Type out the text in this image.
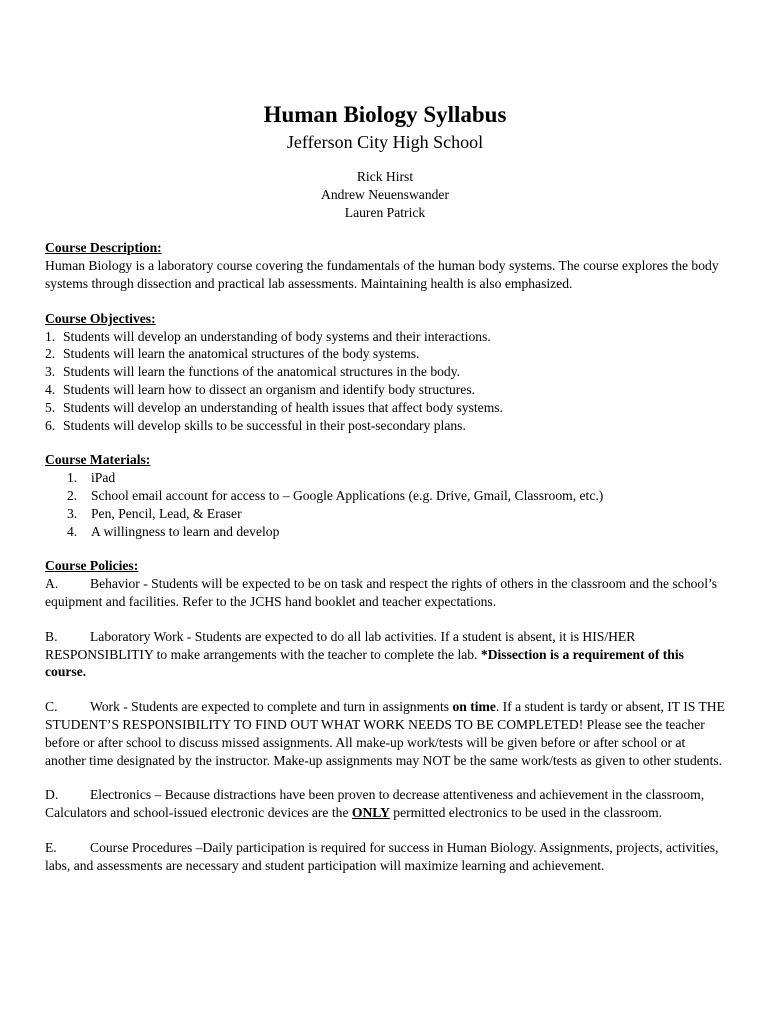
Human Biology Syllabus

Jefferson City High School

Rick Hirst

Andrew Neuenswander

Lauren Patrick

Course Description:

Human Biology is a laboratory course covering the fundamentals of the human body systems. The course explores the body systems through dissection and practical lab assessments. Maintaining health is also emphasized.

Course Objectives:

1. Students will develop an understanding of body systems and their interactions.
2. Students will learn the anatomical structures of the body systems.
3. Students will learn the functions of the anatomical structures in the body.
4. Students will learn how to dissect an organism and identify body structures.
5. Students will develop an understanding of health issues that affect body systems.
6. Students will develop skills to be successful in their post-secondary plans.

Course Materials:

1. iPad
2. School email account for access to – Google Applications (e.g. Drive, Gmail, Classroom, etc.)
3. Pen, Pencil, Lead, & Eraser
4. A willingness to learn and develop

Course Policies:

A. Behavior - Students will be expected to be on task and respect the rights of others in the classroom and the school’s equipment and facilities. Refer to the JCHS hand booklet and teacher expectations.

B. Laboratory Work - Students are expected to do all lab activities. If a student is absent, it is HIS/HER RESPONSIBLITIY to make arrangements with the teacher to complete the lab. *Dissection is a requirement of this course.

C. Work - Students are expected to complete and turn in assignments on time. If a student is tardy or absent, IT IS THE STUDENT’S RESPONSIBILITY TO FIND OUT WHAT WORK NEEDS TO BE COMPLETED! Please see the teacher before or after school to discuss missed assignments. All make-up work/tests will be given before or after school or at another time designated by the instructor. Make-up assignments may NOT be the same work/tests as given to other students.

D. Electronics – Because distractions have been proven to decrease attentiveness and achievement in the classroom, Calculators and school-issued electronic devices are the ONLY permitted electronics to be used in the classroom.

E. Course Procedures –Daily participation is required for success in Human Biology. Assignments, projects, activities, labs, and assessments are necessary and student participation will maximize learning and achievement.
